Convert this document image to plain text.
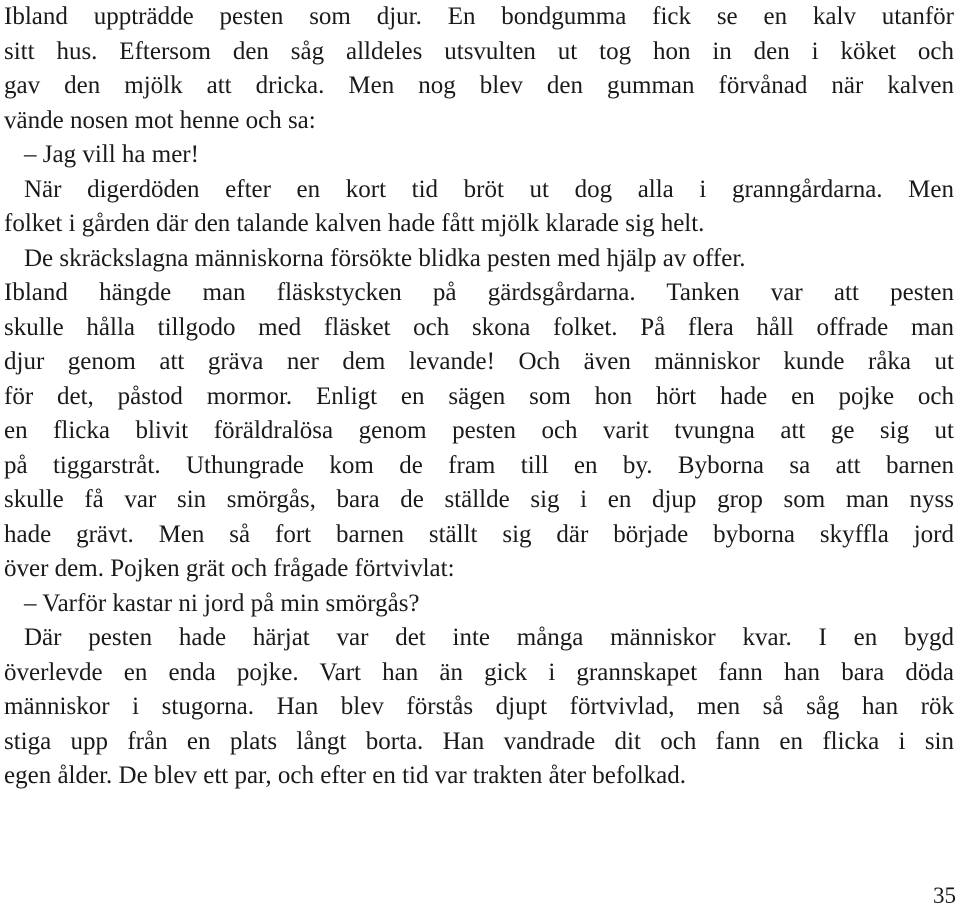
Ibland uppträdde pesten som djur. En bondgumma fick se en kalv utanför
sitt hus. Eftersom den såg alldeles utsvulten ut tog hon in den i köket och
gav den mjölk att dricka. Men nog blev den gumman förvånad när kalven
vände nosen mot henne och sa:
– Jag vill ha mer!
När digerdöden efter en kort tid bröt ut dog alla i granngårdarna. Men
folket i gården där den talande kalven hade fått mjölk klarade sig helt.
De skräckslagna människorna försökte blidka pesten med hjälp av offer.
Ibland hängde man fläskstycken på gärdsgårdarna. Tanken var att pesten
skulle hålla tillgodo med fläsket och skona folket. På flera håll offrade man
djur genom att gräva ner dem levande! Och även människor kunde råka ut
för det, påstod mormor. Enligt en sägen som hon hört hade en pojke och
en flicka blivit föräldralösa genom pesten och varit tvungna att ge sig ut
på tiggarstråt. Uthungrade kom de fram till en by. Byborna sa att barnen
skulle få var sin smörgås, bara de ställde sig i en djup grop som man nyss
hade grävt. Men så fort barnen ställt sig där började byborna skyffla jord
över dem. Pojken grät och frågade förtvivlat:
– Varför kastar ni jord på min smörgås?
Där pesten hade härjat var det inte många människor kvar. I en bygd
överlevde en enda pojke. Vart han än gick i grannskapet fann han bara döda
människor i stugorna. Han blev förstås djupt förtvivlad, men så såg han rök
stiga upp från en plats långt borta. Han vandrade dit och fann en flicka i sin
egen ålder. De blev ett par, och efter en tid var trakten åter befolkad.
35
